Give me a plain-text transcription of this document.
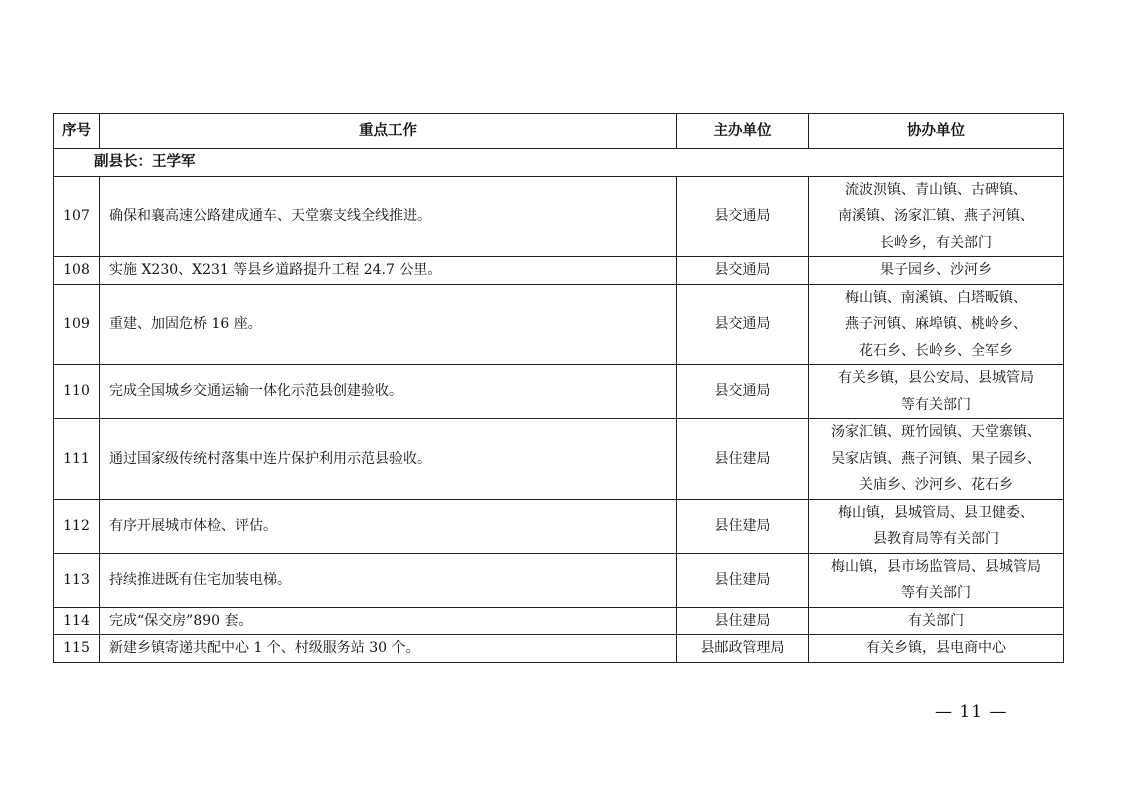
序号	重点工作	主办单位	协办单位
副县长：王学军			
107	确保和襄高速公路建成通车、天堂寨支线全线推进。	县交通局	流波𬇙镇、青山镇、古碑镇、
南溪镇、汤家汇镇、燕子河镇、
长岭乡，有关部门

108	实施 X230、X231 等县乡道路提升工程 24.7 公里。	县交通局	果子园乡、沙河乡

109	重建、加固危桥 16 座。	县交通局	梅山镇、南溪镇、白塔畈镇、
燕子河镇、麻埠镇、桃岭乡、
花石乡、长岭乡、全军乡

110	完成全国城乡交通运输一体化示范县创建验收。	县交通局	有关乡镇，县公安局、县城管局
等有关部门

111	通过国家级传统村落集中连片保护利用示范县验收。	县住建局	汤家汇镇、斑竹园镇、天堂寨镇、
吴家店镇、燕子河镇、果子园乡、
关庙乡、沙河乡、花石乡

112	有序开展城市体检、评估。	县住建局	梅山镇，县城管局、县卫健委、
县教育局等有关部门

113	持续推进既有住宅加装电梯。	县住建局	梅山镇，县市场监管局、县城管局
等有关部门

114	完成“保交房”890 套。	县住建局	有关部门

115	新建乡镇寄递共配中心 1 个、村级服务站 30 个。	县邮政管理局	有关乡镇，县电商中心
— 11 —
